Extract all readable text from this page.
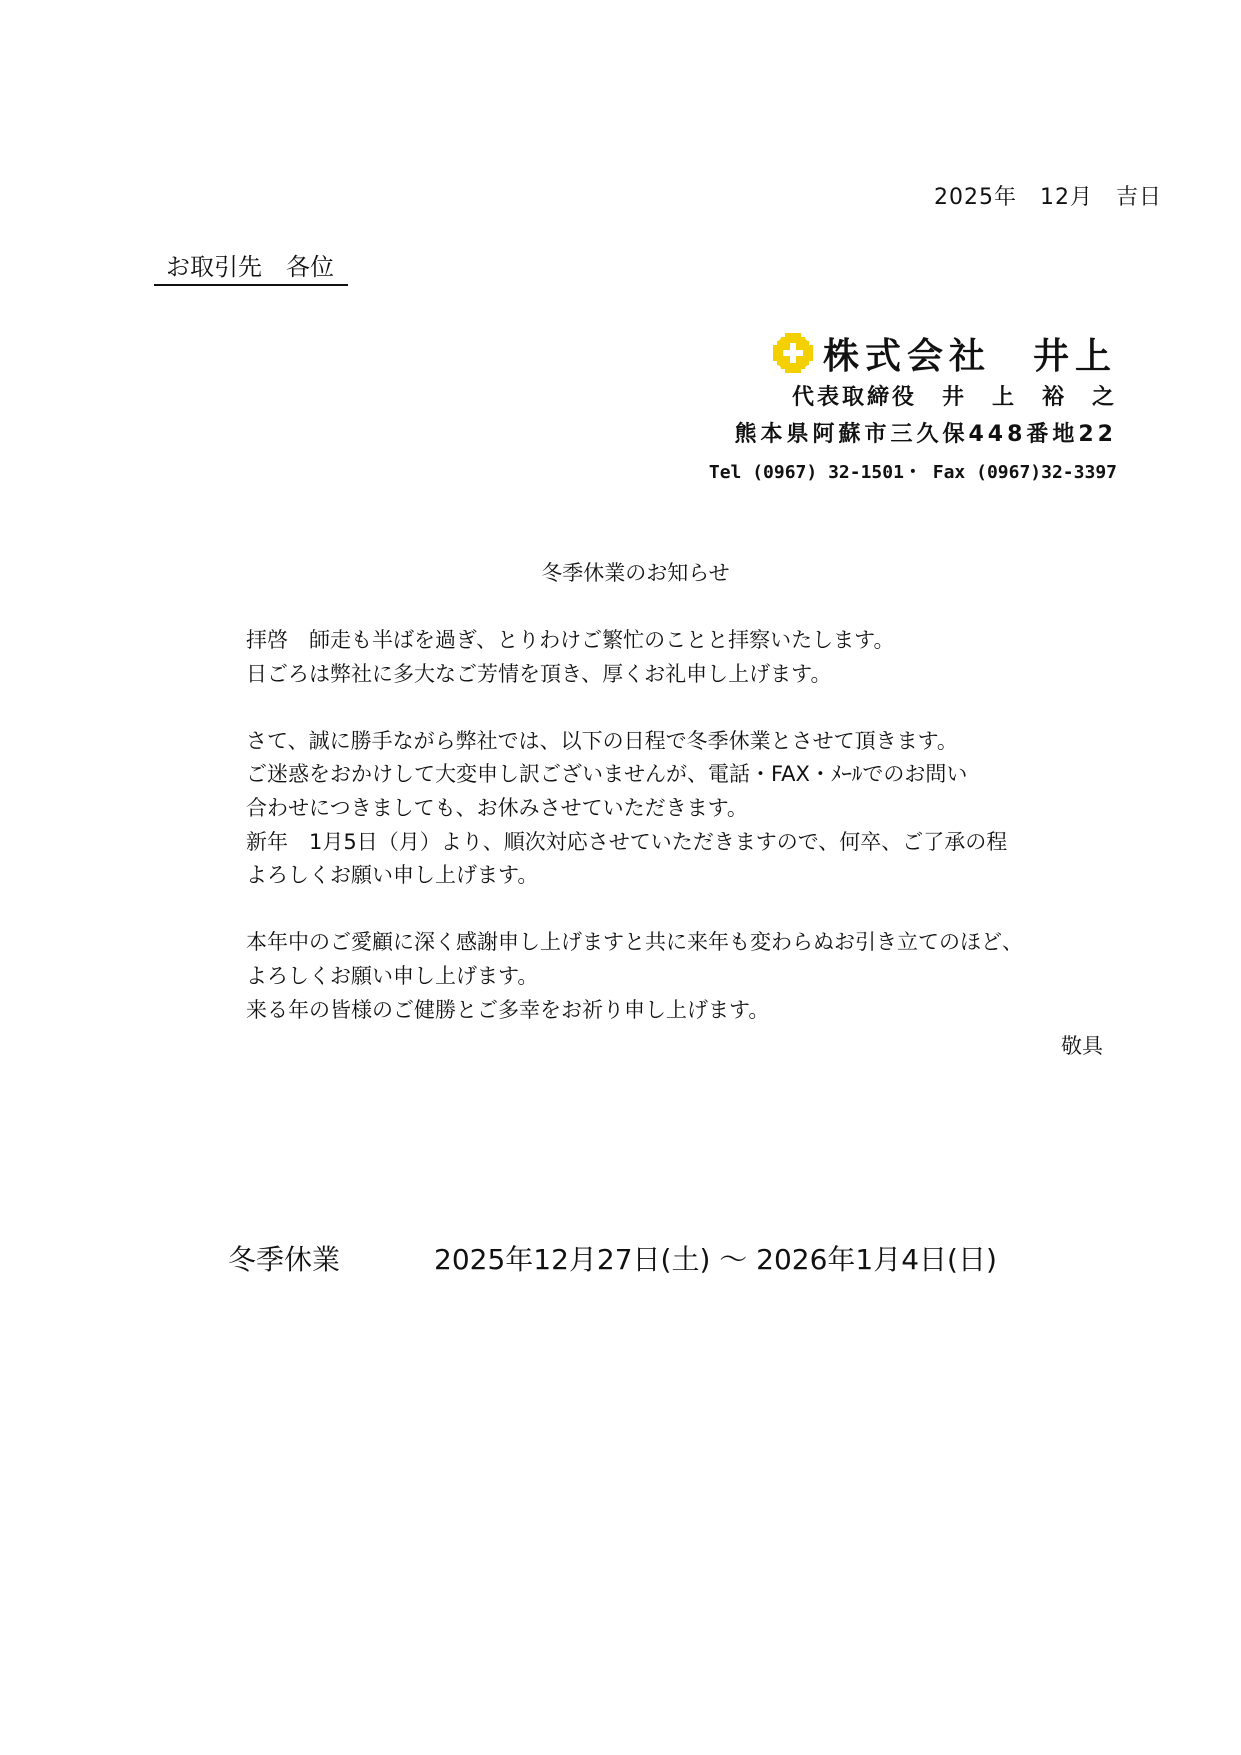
2025年　12月　吉日
お取引先　各位
株式会社　井上
代表取締役　井　上　裕　之
熊本県阿蘇市三久保448番地22
Tel (0967) 32-1501・ Fax (0967)32-3397
冬季休業のお知らせ

拝啓　師走も半ばを過ぎ、とりわけご繁忙のことと拝察いたします。

日ごろは弊社に多大なご芳情を頂き、厚くお礼申し上げます。

さて、誠に勝手ながら弊社では、以下の日程で冬季休業とさせて頂きます。

ご迷惑をおかけして大変申し訳ございませんが、電話・FAX・ﾒｰﾙでのお問い

合わせにつきましても、お休みさせていただきます。

新年　1月5日（月）より、順次対応させていただきますので、何卒、ご了承の程

よろしくお願い申し上げます。

本年中のご愛顧に深く感謝申し上げますと共に来年も変わらぬお引き立てのほど、

よろしくお願い申し上げます。

来る年の皆様のご健勝とご多幸をお祈り申し上げます。

敬具
冬季休業	2025年12月27日(土) ～ 2026年1月4日(日)
